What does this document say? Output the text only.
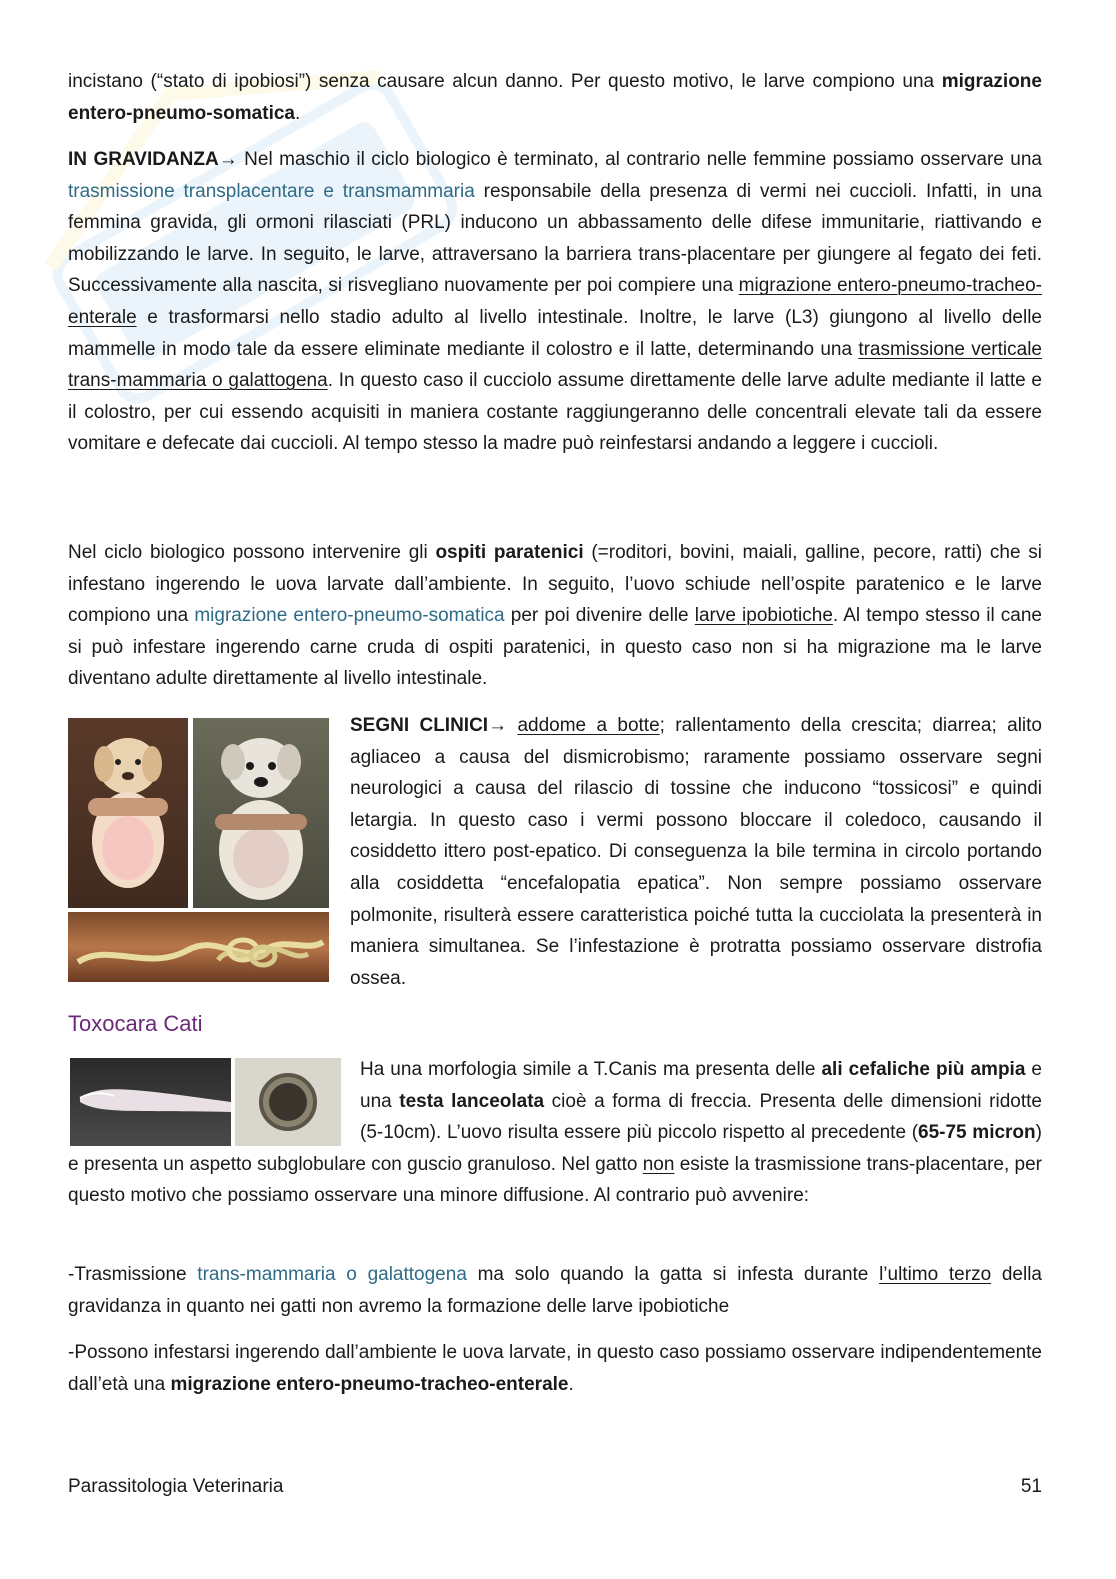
incistano (“stato di ipobiosi”) senza causare alcun danno. Per questo motivo, le larve compiono una migrazione entero-pneumo-somatica.

IN GRAVIDANZA→ Nel maschio il ciclo biologico è terminato, al contrario nelle femmine possiamo osservare una trasmissione transplacentare e transmammaria responsabile della presenza di vermi nei cuccioli. Infatti, in una femmina gravida, gli ormoni rilasciati (PRL) inducono un abbassamento delle difese immunitarie, riattivando e mobilizzando le larve. In seguito, le larve, attraversano la barriera trans-placentare per giungere al fegato dei feti. Successivamente alla nascita, si risvegliano nuovamente per poi compiere una migrazione entero-pneumo-tracheo-enterale e trasformarsi nello stadio adulto al livello intestinale. Inoltre, le larve (L3) giungono al livello delle mammelle in modo tale da essere eliminate mediante il colostro e il latte, determinando una trasmissione verticale trans-mammaria o galattogena. In questo caso il cucciolo assume direttamente delle larve adulte mediante il latte e il colostro, per cui essendo acquisiti in maniera costante raggiungeranno delle concentrali elevate tali da essere vomitare e defecate dai cuccioli. Al tempo stesso la madre può reinfestarsi andando a leggere i cuccioli.

Nel ciclo biologico possono intervenire gli ospiti paratenici (=roditori, bovini, maiali, galline, pecore, ratti) che si infestano ingerendo le uova larvate dall’ambiente. In seguito, l’uovo schiude nell’ospite paratenico e le larve compiono una migrazione entero-pneumo-somatica per poi divenire delle larve ipobiotiche. Al tempo stesso il cane si può infestare ingerendo carne cruda di ospiti paratenici, in questo caso non si ha migrazione ma le larve diventano adulte direttamente al livello intestinale.

SEGNI CLINICI→ addome a botte; rallentamento della crescita; diarrea; alito agliaceo a causa del dismicrobismo; raramente possiamo osservare segni neurologici a causa del rilascio di tossine che inducono “tossicosi” e quindi letargia. In questo caso i vermi possono bloccare il coledoco, causando il cosiddetto ittero post-epatico. Di conseguenza la bile termina in circolo portando alla cosiddetta “encefalopatia epatica”. Non sempre possiamo osservare polmonite, risulterà essere caratteristica poiché tutta la cucciolata la presenterà in maniera simultanea. Se l’infestazione è protratta possiamo osservare distrofia ossea.

Toxocara Cati

Ha una morfologia simile a T.Canis ma presenta delle ali cefaliche più ampia e una testa lanceolata cioè a forma di freccia. Presenta delle dimensioni ridotte (5-10cm). L’uovo risulta essere più piccolo rispetto al precedente (65-75 micron) e presenta un aspetto subglobulare con guscio granuloso. Nel gatto non esiste la trasmissione trans-placentare, per questo motivo che possiamo osservare una minore diffusione. Al contrario può avvenire:

-Trasmissione trans-mammaria o galattogena ma solo quando la gatta si infesta durante l’ultimo terzo della gravidanza in quanto nei gatti non avremo la formazione delle larve ipobiotiche

-Possono infestarsi ingerendo dall’ambiente le uova larvate, in questo caso possiamo osservare indipendentemente dall’età una migrazione entero-pneumo-tracheo-enterale.

Parassitologia Veterinaria	51
